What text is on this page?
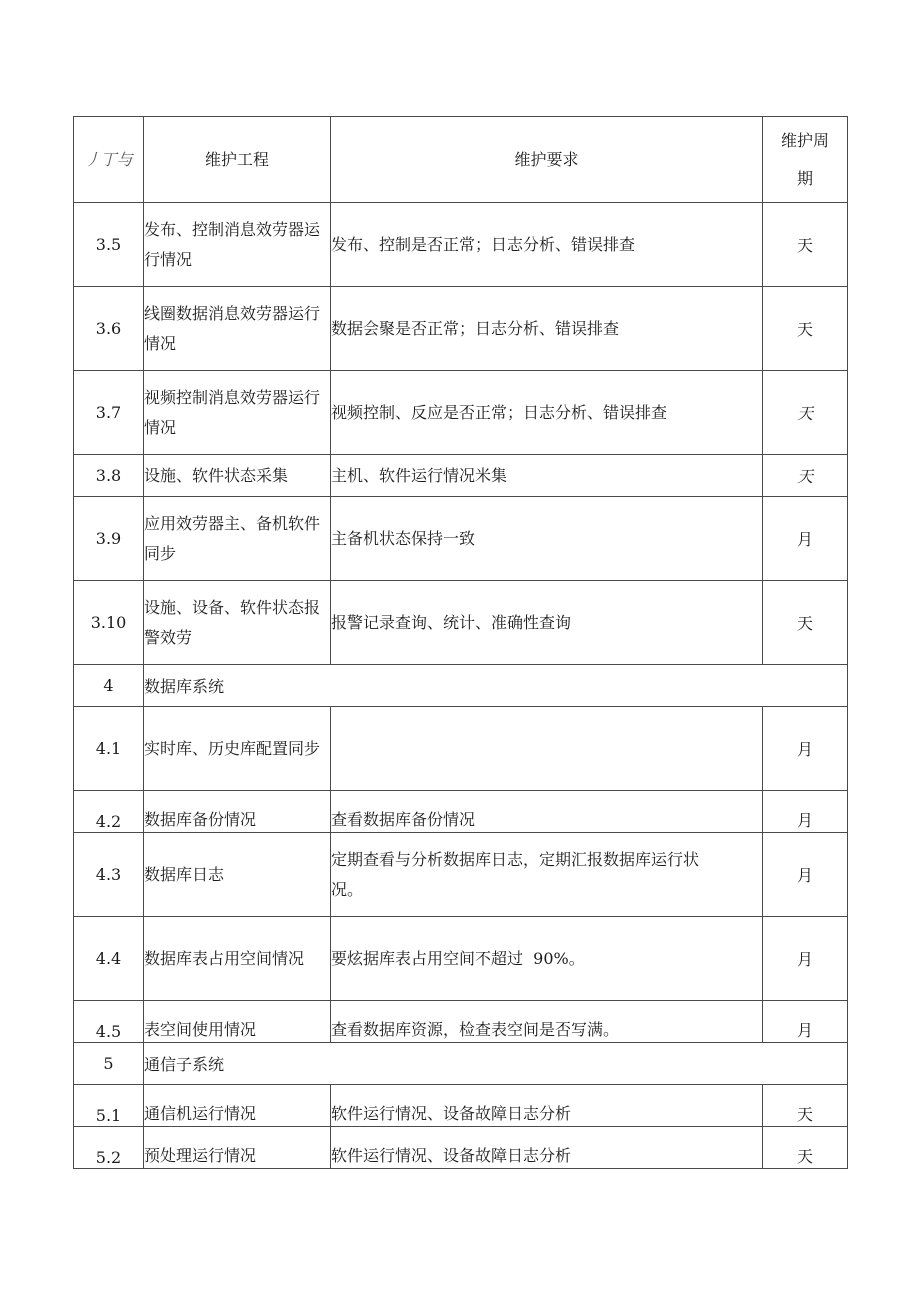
丿丁与	维护工程	维护要求	维护周期
3.5	发布、控制消息效劳器运行情况	发布、控制是否正常；日志分析、错误排查	天
3.6	线圈数据消息效劳器运行情况	数据会聚是否正常；日志分析、错误排查	天
3.7	视频控制消息效劳器运行情况	视频控制、反应是否正常；日志分析、错误排查	天
3.8	设施、软件状态采集	主机、软件运行情况米集	天
3.9	应用效劳器主、备机软件同步	主备机状态保持一致	月
3.10	设施、设备、软件状态报警效劳	报警记录查询、统计、准确性查询	天
4	数据库系统		
4.1	实时库、历史库配置同步		月
4.2	数据库备份情况	查看数据库备份情况	月
4.3	数据库日志	定期查看与分析数据库日志，定期汇报数据库运行状况。	月
4.4	数据库表占用空间情况	要炫据库表占用空间不超过  90%。	月
4.5	表空间使用情况	查看数据库资源，检查表空间是否写满。	月
5	通信子系统		
5.1	通信机运行情况	软件运行情况、设备故障日志分析	天
5.2	预处理运行情况	软件运行情况、设备故障日志分析	天
